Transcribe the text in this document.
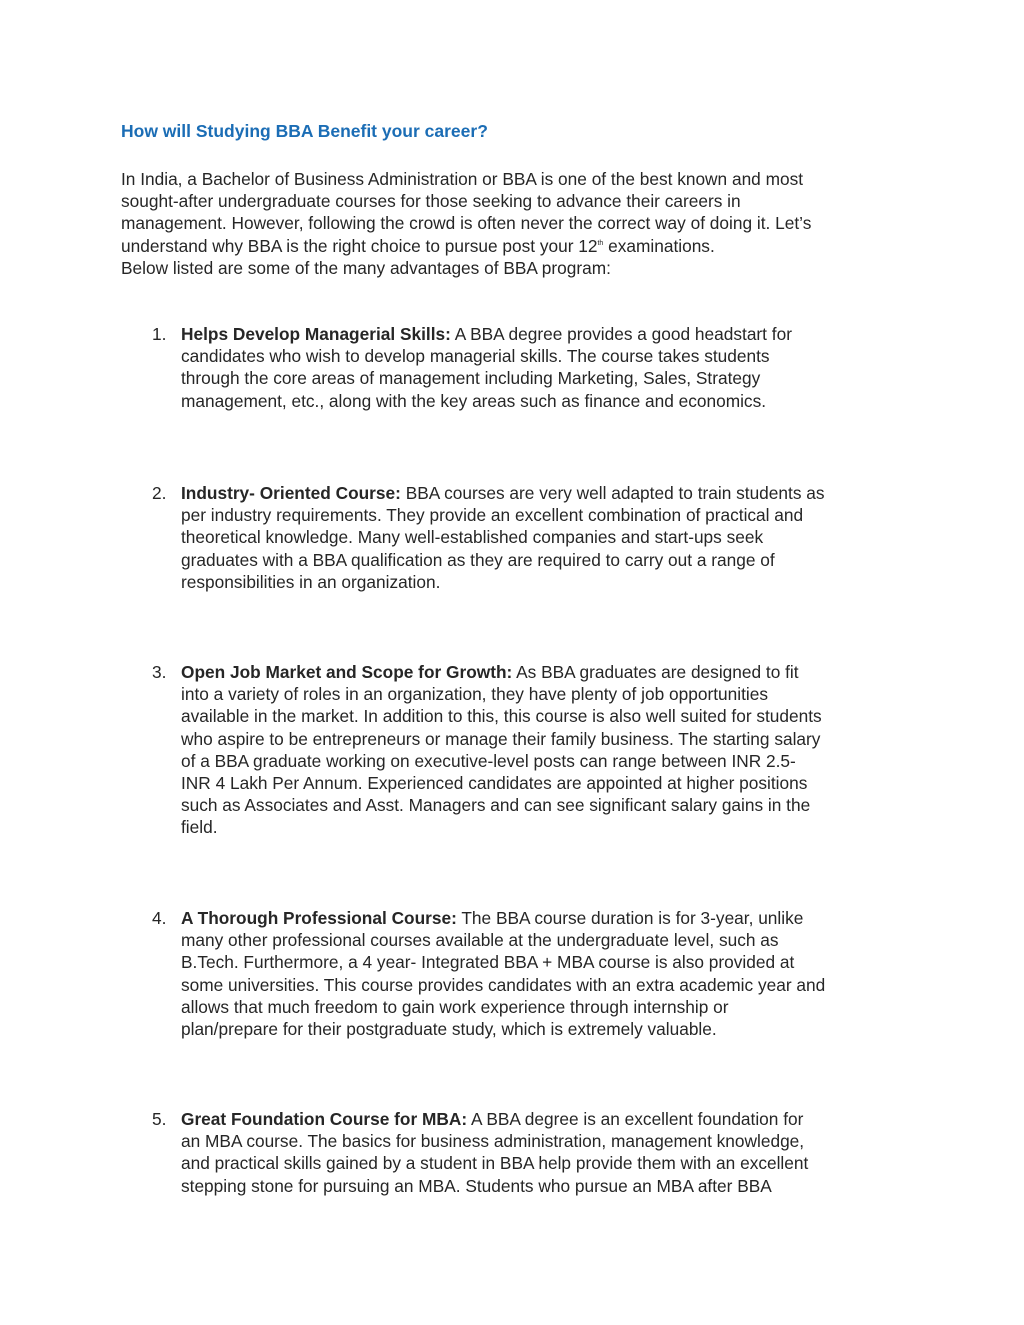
How will Studying BBA Benefit your career?

In India, a Bachelor of Business Administration or BBA is one of the best known and most
sought-after undergraduate courses for those seeking to advance their careers in
management. However, following the crowd is often never the correct way of doing it. Let’s
understand why BBA is the right choice to pursue post your 12th examinations.
Below listed are some of the many advantages of BBA program:

1. Helps Develop Managerial Skills: A BBA degree provides a good headstart for
candidates who wish to develop managerial skills. The course takes students
through the core areas of management including Marketing, Sales, Strategy
management, etc., along with the key areas such as finance and economics.

2. Industry- Oriented Course: BBA courses are very well adapted to train students as
per industry requirements. They provide an excellent combination of practical and
theoretical knowledge. Many well-established companies and start-ups seek
graduates with a BBA qualification as they are required to carry out a range of
responsibilities in an organization.

3. Open Job Market and Scope for Growth: As BBA graduates are designed to fit
into a variety of roles in an organization, they have plenty of job opportunities
available in the market. In addition to this, this course is also well suited for students
who aspire to be entrepreneurs or manage their family business. The starting salary
of a BBA graduate working on executive-level posts can range between INR 2.5-
INR 4 Lakh Per Annum. Experienced candidates are appointed at higher positions
such as Associates and Asst. Managers and can see significant salary gains in the
field.

4. A Thorough Professional Course: The BBA course duration is for 3-year, unlike
many other professional courses available at the undergraduate level, such as
B.Tech. Furthermore, a 4 year- Integrated BBA + MBA course is also provided at
some universities. This course provides candidates with an extra academic year and
allows that much freedom to gain work experience through internship or
plan/prepare for their postgraduate study, which is extremely valuable.

5. Great Foundation Course for MBA: A BBA degree is an excellent foundation for
an MBA course. The basics for business administration, management knowledge,
and practical skills gained by a student in BBA help provide them with an excellent
stepping stone for pursuing an MBA. Students who pursue an MBA after BBA
